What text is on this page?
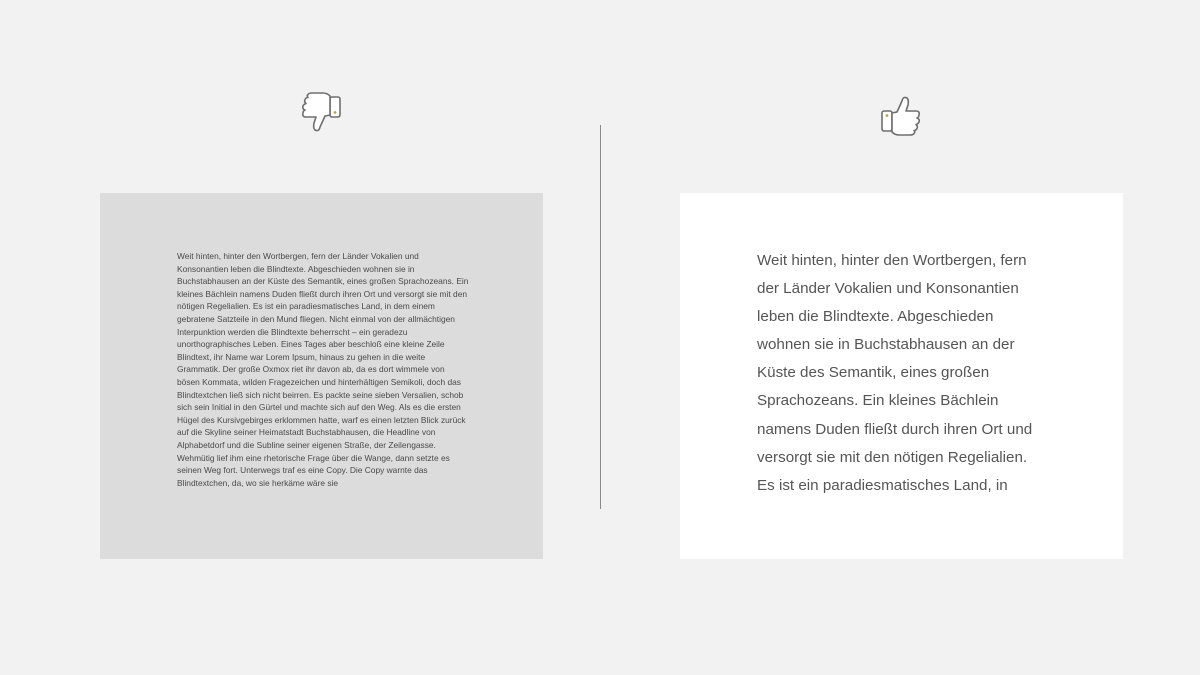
Weit hinten, hinter den Wortbergen, fern der Länder Vokalien und Konsonantien leben die Blindtexte. Abgeschieden wohnen sie in Buchstabhausen an der Küste des Semantik, eines großen Sprachozeans. Ein kleines Bächlein namens Duden fließt durch ihren Ort und versorgt sie mit den nötigen Regelialien. Es ist ein paradiesmatisches Land, in dem einem gebratene Satzteile in den Mund fliegen. Nicht einmal von der allmächtigen Interpunktion werden die Blindtexte beherrscht – ein geradezu unorthographisches Leben. Eines Tages aber beschloß eine kleine Zeile Blindtext, ihr Name war Lorem Ipsum, hinaus zu gehen in die weite Grammatik. Der große Oxmox riet ihr davon ab, da es dort wimmele von bösen Kommata, wilden Fragezeichen und hinterhältigen Semikoli, doch das Blindtextchen ließ sich nicht beirren. Es packte seine sieben Versalien, schob sich sein Initial in den Gürtel und machte sich auf den Weg. Als es die ersten Hügel des Kursivgebirges erklommen hatte, warf es einen letzten Blick zurück auf die Skyline seiner Heimatstadt Buchstabhausen, die Headline von Alphabetdorf und die Subline seiner eigenen Straße, der Zeilengasse. Wehmütig lief ihm eine rhetorische Frage über die Wange, dann setzte es seinen Weg fort. Unterwegs traf es eine Copy. Die Copy warnte das Blindtextchen, da, wo sie herkäme wäre sie

Weit hinten, hinter den Wortbergen, fern der Länder Vokalien und Konsonantien leben die Blindtexte. Abgeschieden wohnen sie in Buchstabhausen an der Küste des Semantik, eines großen Sprachozeans. Ein kleines Bächlein namens Duden fließt durch ihren Ort und versorgt sie mit den nötigen Regelialien. Es ist ein paradiesmatisches Land, in
